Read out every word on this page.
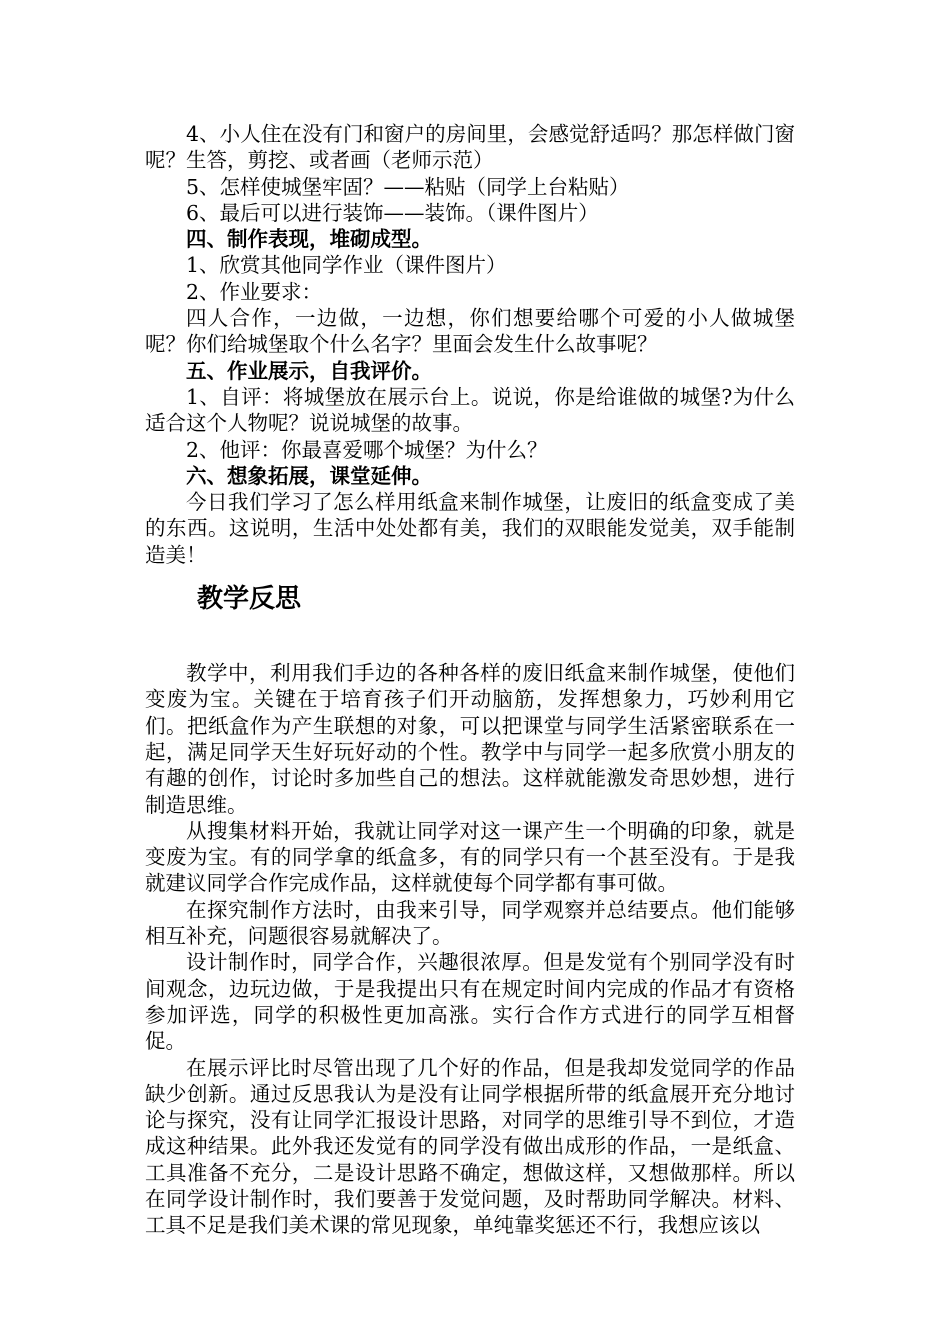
4、小人住在没有门和窗户的房间里，会感觉舒适吗？那怎样做门窗呢？生答，剪挖、或者画（老师示范）

5、怎样使城堡牢固？——粘贴（同学上台粘贴）

6、最后可以进行装饰——装饰。（课件图片）

四、制作表现，堆砌成型。

1、欣赏其他同学作业（课件图片）

2、作业要求：

四人合作，一边做，一边想，你们想要给哪个可爱的小人做城堡呢？你们给城堡取个什么名字？里面会发生什么故事呢？

五、作业展示，自我评价。

1、自评：将城堡放在展示台上。说说，你是给谁做的城堡?为什么适合这个人物呢？说说城堡的故事。

2、他评：你最喜爱哪个城堡？为什么？

六、想象拓展，课堂延伸。

今日我们学习了怎么样用纸盒来制作城堡，让废旧的纸盒变成了美的东西。这说明，生活中处处都有美，我们的双眼能发觉美，双手能制造美！

教学反思

教学中，利用我们手边的各种各样的废旧纸盒来制作城堡，使他们变废为宝。关键在于培育孩子们开动脑筋，发挥想象力，巧妙利用它们。把纸盒作为产生联想的对象，可以把课堂与同学生活紧密联系在一起，满足同学天生好玩好动的个性。教学中与同学一起多欣赏小朋友的有趣的创作，讨论时多加些自己的想法。这样就能激发奇思妙想，进行制造思维。

从搜集材料开始，我就让同学对这一课产生一个明确的印象，就是变废为宝。有的同学拿的纸盒多，有的同学只有一个甚至没有。于是我就建议同学合作完成作品，这样就使每个同学都有事可做。

在探究制作方法时，由我来引导，同学观察并总结要点。他们能够相互补充，问题很容易就解决了。

设计制作时，同学合作，兴趣很浓厚。但是发觉有个别同学没有时间观念，边玩边做，于是我提出只有在规定时间内完成的作品才有资格参加评选，同学的积极性更加高涨。实行合作方式进行的同学互相督促。

在展示评比时尽管出现了几个好的作品，但是我却发觉同学的作品缺少创新。通过反思我认为是没有让同学根据所带的纸盒展开充分地讨论与探究，没有让同学汇报设计思路，对同学的思维引导不到位，才造成这种结果。此外我还发觉有的同学没有做出成形的作品，一是纸盒、工具准备不充分，二是设计思路不确定，想做这样，又想做那样。所以在同学设计制作时，我们要善于发觉问题，及时帮助同学解决。材料、工具不足是我们美术课的常见现象，单纯靠奖惩还不行，我想应该以
